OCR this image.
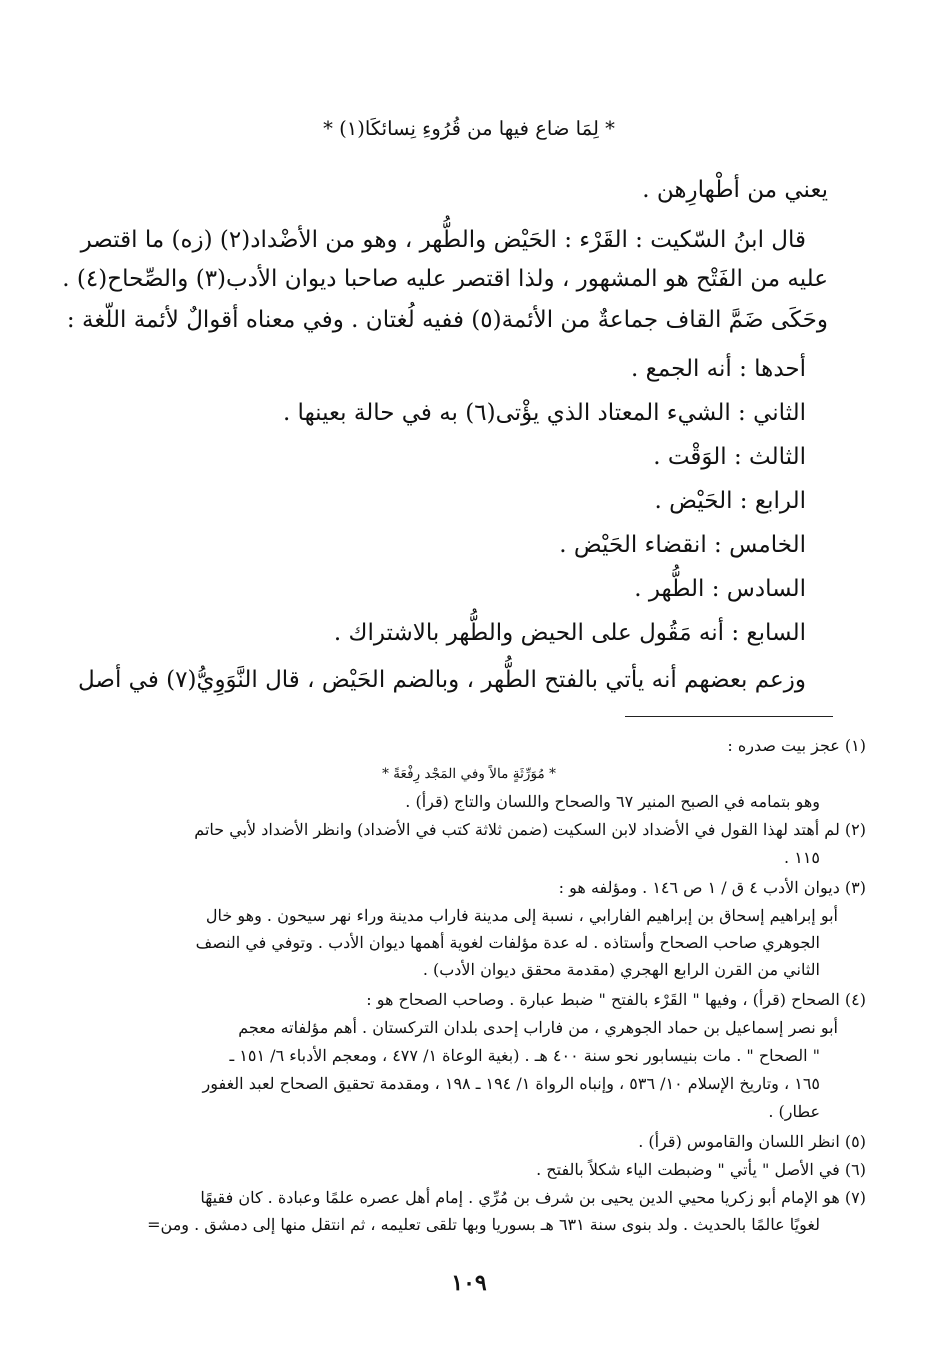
* لِمَا ضاع فيها من قُرُوءِ نِسائكَا(١) *
يعني من أطْهارِهن .
قال ابنُ السّكيت : القَرْء : الحَيْض والطُّهر ، وهو من الأضْداد(٢) (زه) ما اقتصر
عليه من الفَتْح هو المشهور ، ولذا اقتصر عليه صاحبا ديوان الأدب(٣) والصِّحاح(٤) .
وحَكَى ضَمَّ القاف جماعةٌ من الأئمة(٥) ففيه لُغتان . وفي معناه أقوالٌ لأئمة اللّغة :
أحدها : أنه الجمع .
الثاني : الشيء المعتاد الذي يؤْتى(٦) به في حالة بعينها .
الثالث : الوَقْت .
الرابع : الحَيْض .
الخامس : انقضاء الحَيْض .
السادس : الطُّهر .
السابع : أنه مَقُول على الحيض والطُّهر بالاشتراك .
وزعم بعضهم أنه يأتي بالفتح الطُّهر ، وبالضم الحَيْض ، قال النَّوَوِيُّ(٧) في أصل
(١) عجز بيت صدره :
* مُوَرِّثَةٍ مالاً وفي المَجْد رِفْعَةً *
وهو بتمامه في الصبح المنير ٦٧ والصحاح واللسان والتاج (قرأ) .
(٢) لم أهتد لهذا القول في الأضداد لابن السكيت (ضمن ثلاثة كتب في الأضداد) وانظر الأضداد لأبي حاتم
١١٥ .
(٣) ديوان الأدب ٤ ق / ١ ص ١٤٦ . ومؤلفه هو :
أبو إبراهيم إسحاق بن إبراهيم الفارابي ، نسبة إلى مدينة فاراب مدينة وراء نهر سيحون . وهو خال
الجوهري صاحب الصحاح وأستاذه . له عدة مؤلفات لغوية أهمها ديوان الأدب . وتوفي في النصف
الثاني من القرن الرابع الهجري (مقدمة محقق ديوان الأدب) .
(٤) الصحاح (قرأ) ، وفيها " القَرْء بالفتح " ضبط عبارة . وصاحب الصحاح هو :
أبو نصر إسماعيل بن حماد الجوهري ، من فاراب إحدى بلدان التركستان . أهم مؤلفاته معجم
" الصحاح " . مات بنيسابور نحو سنة ٤٠٠ هـ . (بغية الوعاة ١/ ٤٧٧ ، ومعجم الأدباء ٦/ ١٥١ ـ
١٦٥ ، وتاريخ الإسلام ١٠/ ٥٣٦ ، وإنباه الرواة ١/ ١٩٤ ـ ١٩٨ ، ومقدمة تحقيق الصحاح لعبد الغفور
عطار) .
(٥) انظر اللسان والقاموس (قرأ) .
(٦) في الأصل " يأتي " وضبطت الياء شكلاً بالفتح .
(٧) هو الإمام أبو زكريا محيي الدين يحيى بن شرف بن مُرِّي . إمام أهل عصره علمًا وعبادة . كان فقيهًا
لغويًا عالمًا بالحديث . ولد بنوى سنة ٦٣١ هـ بسوريا وبها تلقى تعليمه ، ثم انتقل منها إلى دمشق . ومن=
١٠٩
